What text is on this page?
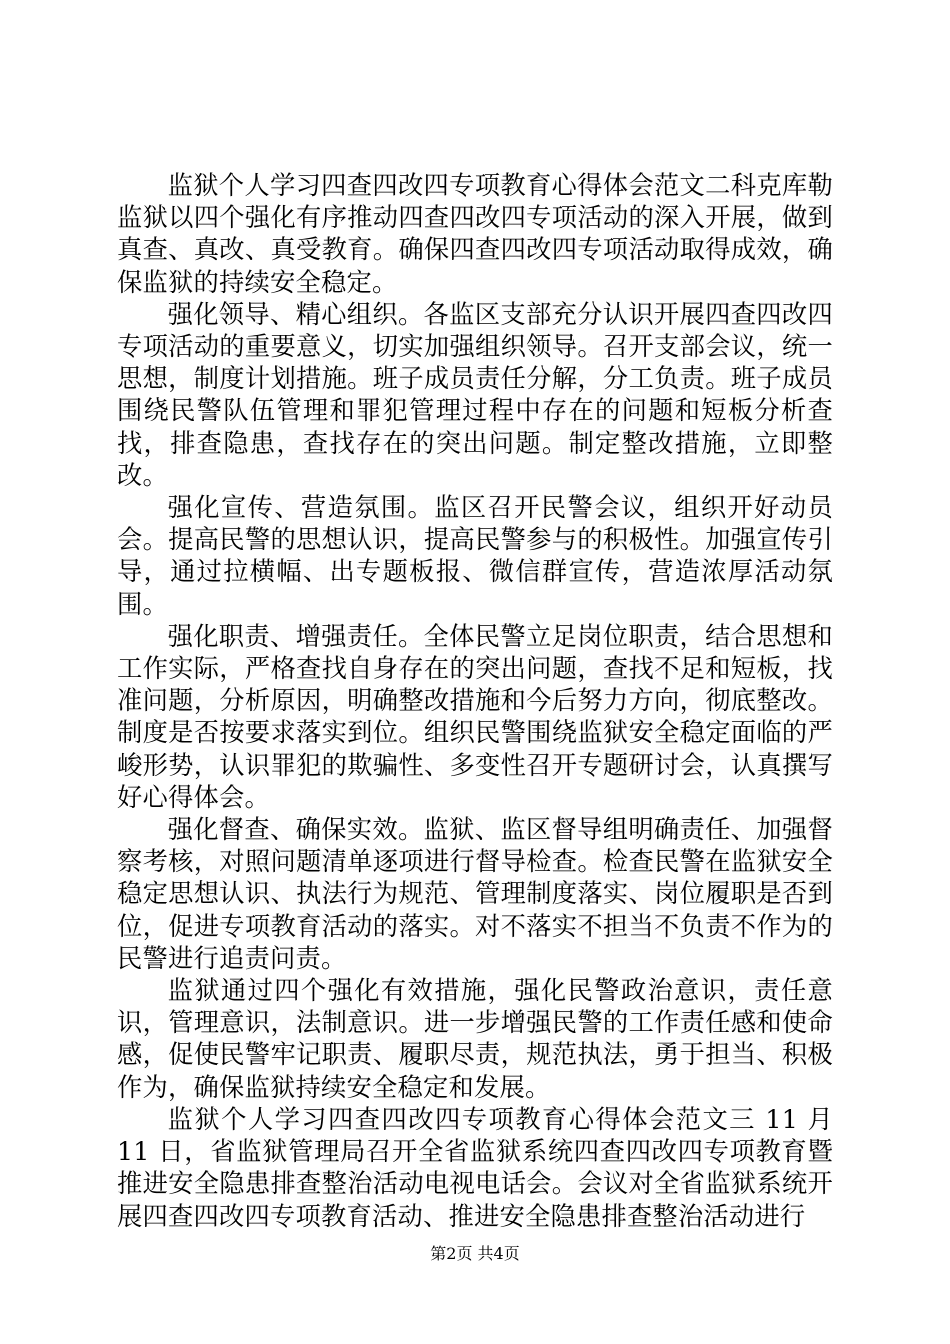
监狱个人学习四查四改四专项教育心得体会范文二科克库勒监狱以四个强化有序推动四查四改四专项活动的深入开展，做到真查、真改、真受教育。确保四查四改四专项活动取得成效，确保监狱的持续安全稳定。

强化领导、精心组织。各监区支部充分认识开展四查四改四专项活动的重要意义，切实加强组织领导。召开支部会议，统一思想，制度计划措施。班子成员责任分解，分工负责。班子成员围绕民警队伍管理和罪犯管理过程中存在的问题和短板分析查找，排查隐患，查找存在的突出问题。制定整改措施，立即整改。

强化宣传、营造氛围。监区召开民警会议，组织开好动员会。提高民警的思想认识，提高民警参与的积极性。加强宣传引导，通过拉横幅、出专题板报、微信群宣传，营造浓厚活动氛围。

强化职责、增强责任。全体民警立足岗位职责，结合思想和工作实际，严格查找自身存在的突出问题，查找不足和短板，找准问题，分析原因，明确整改措施和今后努力方向，彻底整改。制度是否按要求落实到位。组织民警围绕监狱安全稳定面临的严峻形势，认识罪犯的欺骗性、多变性召开专题研讨会，认真撰写好心得体会。

强化督查、确保实效。监狱、监区督导组明确责任、加强督察考核，对照问题清单逐项进行督导检查。检查民警在监狱安全稳定思想认识、执法行为规范、管理制度落实、岗位履职是否到位，促进专项教育活动的落实。对不落实不担当不负责不作为的民警进行追责问责。

监狱通过四个强化有效措施，强化民警政治意识，责任意识，管理意识，法制意识。进一步增强民警的工作责任感和使命感，促使民警牢记职责、履职尽责，规范执法，勇于担当、积极作为，确保监狱持续安全稳定和发展。

监狱个人学习四查四改四专项教育心得体会范文三 11 月 11 日，省监狱管理局召开全省监狱系统四查四改四专项教育暨推进安全隐患排查整治活动电视电话会。会议对全省监狱系统开展四查四改四专项教育活动、推进安全隐患排查整治活动进行

第2页 共4页
